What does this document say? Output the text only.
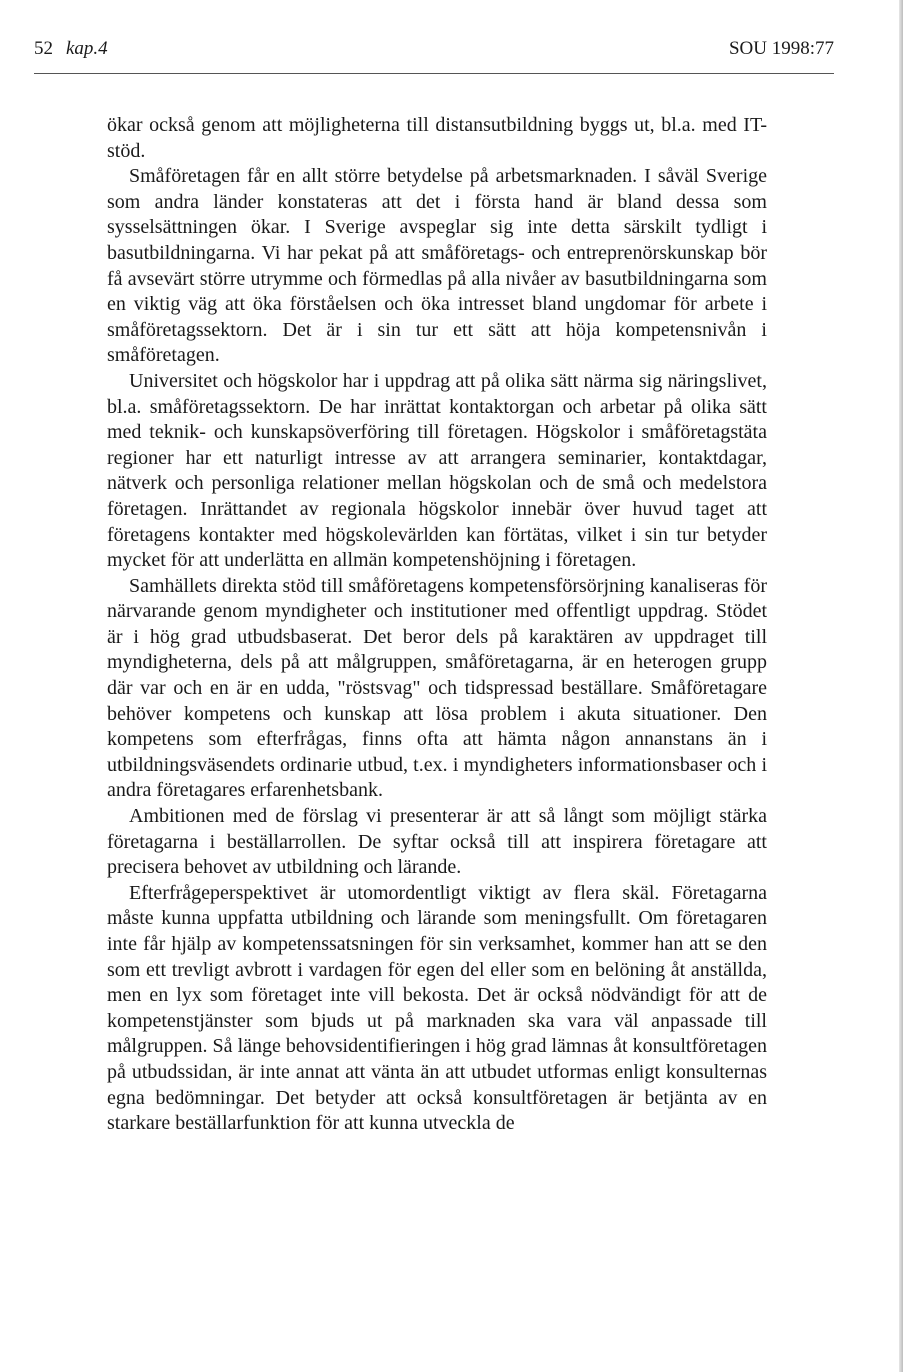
52 kap.4	SOU 1998:77

ökar också genom att möjligheterna till distansutbildning byggs ut, bl.a. med IT-stöd.

Småföretagen får en allt större betydelse på arbetsmarknaden. I såväl Sverige som andra länder konstateras att det i första hand är bland dessa som sysselsättningen ökar. I Sverige avspeglar sig inte detta särskilt tydligt i basutbildningarna. Vi har pekat på att småföretags- och entreprenörskunskap bör få avsevärt större utrymme och förmedlas på alla nivåer av basutbildningarna som en viktig väg att öka förståelsen och öka intresset bland ungdomar för arbete i småföretagssektorn. Det är i sin tur ett sätt att höja kompetensnivån i småföretagen.

Universitet och högskolor har i uppdrag att på olika sätt närma sig näringslivet, bl.a. småföretagssektorn. De har inrättat kontaktorgan och arbetar på olika sätt med teknik- och kunskapsöverföring till företagen. Högskolor i småföretagstäta regioner har ett naturligt intresse av att arrangera seminarier, kontaktdagar, nätverk och personliga relationer mellan högskolan och de små och medelstora företagen. Inrättandet av regionala högskolor innebär över huvud taget att företagens kontakter med högskolevärlden kan förtätas, vilket i sin tur betyder mycket för att underlätta en allmän kompetenshöjning i företagen.

Samhällets direkta stöd till småföretagens kompetensförsörjning kanaliseras för närvarande genom myndigheter och institutioner med offentligt uppdrag. Stödet är i hög grad utbudsbaserat. Det beror dels på karaktären av uppdraget till myndigheterna, dels på att målgruppen, småföretagarna, är en heterogen grupp där var och en är en udda, "röstsvag" och tidspressad beställare. Småföretagare behöver kompetens och kunskap att lösa problem i akuta situationer. Den kompetens som efterfrågas, finns ofta att hämta någon annanstans än i utbildningsväsendets ordinarie utbud, t.ex. i myndigheters informationsbaser och i andra företagares erfarenhetsbank.

Ambitionen med de förslag vi presenterar är att så långt som möjligt stärka företagarna i beställarrollen. De syftar också till att inspirera företagare att precisera behovet av utbildning och lärande.

Efterfrågeperspektivet är utomordentligt viktigt av flera skäl. Företagarna måste kunna uppfatta utbildning och lärande som meningsfullt. Om företagaren inte får hjälp av kompetenssatsningen för sin verksamhet, kommer han att se den som ett trevligt avbrott i vardagen för egen del eller som en belöning åt anställda, men en lyx som företaget inte vill bekosta. Det är också nödvändigt för att de kompetenstjänster som bjuds ut på marknaden ska vara väl anpassade till målgruppen. Så länge behovsidentifieringen i hög grad lämnas åt konsultföretagen på utbudssidan, är inte annat att vänta än att utbudet utformas enligt konsulternas egna bedömningar. Det betyder att också konsultföretagen är betjänta av en starkare beställarfunktion för att kunna utveckla de
